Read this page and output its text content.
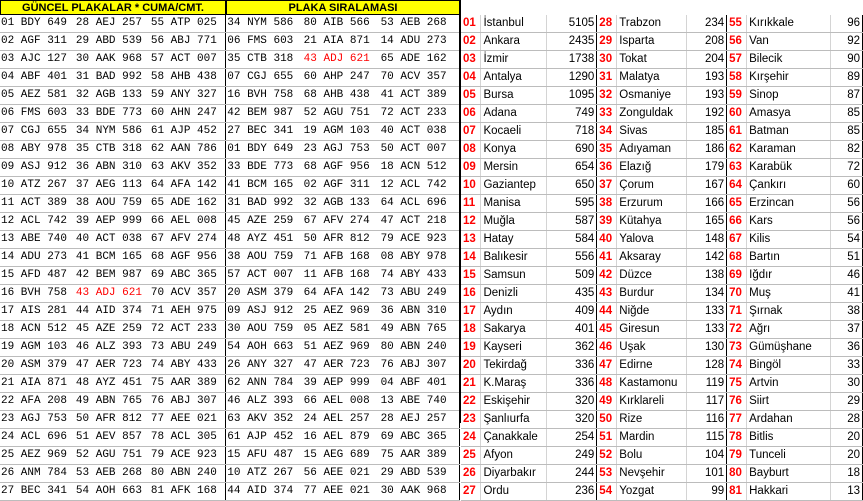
GÜNCEL PLAKALAR * CUMA/CMT.	PLAKA SIRALAMASI
01 BDY 649	28 AEJ 257	55 ATP 025	34 NYM 586	80 AIB 566	53 AEB 268
02 AGF 311	29 ABD 539	56 ABJ 771	06 FMS 603	21 AIA 871	14 ADU 273
03 AJC 127	30 AAK 968	57 ACT 007	35 CTB 318	43 ADJ 621	65 ADE 162
04 ABF 401	31 BAD 992	58 AHB 438	07 CGJ 655	60 AHP 247	70 ACV 357
05 AEZ 581	32 AGB 133	59 ANY 327	16 BVH 758	68 AHB 438	41 ACT 389
06 FMS 603	33 BDE 773	60 AHN 247	42 BEM 987	52 AGU 751	72 ACT 233
07 CGJ 655	34 NYM 586	61 AJP 452	27 BEC 341	19 AGM 103	40 ACT 038
08 ABY 978	35 CTB 318	62 AAN 786	01 BDY 649	23 AGJ 753	50 ACT 007
09 ASJ 912	36 ABN 310	63 AKV 352	33 BDE 773	68 AGF 956	18 ACN 512
10 ATZ 267	37 AEG 113	64 AFA 142	41 BCM 165	02 AGF 311	12 ACL 742
11 ACT 389	38 AOU 759	65 ADE 162	31 BAD 992	32 AGB 133	64 ACL 696
12 ACL 742	39 AEP 999	66 AEL 008	45 AZE 259	67 AFV 274	47 ACT 218
13 ABE 740	40 ACT 038	67 AFV 274	48 AYZ 451	50 AFR 812	79 ACE 923
14 ADU 273	41 BCM 165	68 AGF 956	38 AOU 759	71 AFB 168	08 ABY 978
15 AFD 487	42 BEM 987	69 ABC 365	57 ACT 007	11 AFB 168	74 ABY 433
16 BVH 758	43 ADJ 621	70 ACV 357	20 ASM 379	64 AFA 142	73 ABU 249
17 AIS 281	44 AID 374	71 AEH 975	09 ASJ 912	25 AEZ 969	36 ABN 310
18 ACN 512	45 AZE 259	72 ACT 233	30 AOU 759	05 AEZ 581	49 ABN 765
19 AGM 103	46 ALZ 393	73 ABU 249	54 AOH 663	51 AEZ 969	80 ABN 240
20 ASM 379	47 AER 723	74 ABY 433	26 ANY 327	47 AER 723	76 ABJ 307
21 AIA 871	48 AYZ 451	75 AAR 389	62 ANN 784	39 AEP 999	04 ABF 401
22 AFA 208	49 ABN 765	76 ABJ 307	46 ALZ 393	66 AEL 008	13 ABE 740
23 AGJ 753	50 AFR 812	77 AEE 021	63 AKV 352	24 AEL 257	28 AEJ 257
24 ACL 696	51 AEV 857	78 ACL 305	61 AJP 452	16 AEL 879	69 ABC 365
25 AEZ 969	52 AGU 751	79 ACE 923	15 AFU 487	15 AEG 689	75 AAR 389
26 ANM 784	53 AEB 268	80 ABN 240	10 ATZ 267	56 AEE 021	29 ABD 539
27 BEC 341	54 AOH 663	81 AFK 168	44 AID 374	77 AEE 021	30 AAK 968
01	İstanbul	5105	28	Trabzon	234	55	Kırıkkale	96
02	Ankara	2435	29	Isparta	208	56	Van	92
03	İzmir	1738	30	Tokat	204	57	Bilecik	90
04	Antalya	1290	31	Malatya	193	58	Kırşehir	89
05	Bursa	1095	32	Osmaniye	193	59	Sinop	87
06	Adana	749	33	Zonguldak	192	60	Amasya	85
07	Kocaeli	718	34	Sivas	185	61	Batman	85
08	Konya	690	35	Adıyaman	186	62	Karaman	82
09	Mersin	654	36	Elazığ	179	63	Karabük	72
10	Gaziantep	650	37	Çorum	167	64	Çankırı	60
11	Manisa	595	38	Erzurum	166	65	Erzincan	56
12	Muğla	587	39	Kütahya	165	66	Kars	56
13	Hatay	584	40	Yalova	148	67	Kilis	54
14	Balıkesir	556	41	Aksaray	142	68	Bartın	51
15	Samsun	509	42	Düzce	138	69	Iğdır	46
16	Denizli	435	43	Burdur	134	70	Muş	41
17	Aydın	409	44	Niğde	133	71	Şırnak	38
18	Sakarya	401	45	Giresun	133	72	Ağrı	37
19	Kayseri	362	46	Uşak	130	73	Gümüşhane	36
20	Tekirdağ	336	47	Edirne	128	74	Bingöl	33
21	K.Maraş	336	48	Kastamonu	119	75	Artvin	30
22	Eskişehir	320	49	Kırklareli	117	76	Siirt	29
23	Şanlıurfa	320	50	Rize	116	77	Ardahan	28
24	Çanakkale	254	51	Mardin	115	78	Bitlis	20
25	Afyon	249	52	Bolu	104	79	Tunceli	20
26	Diyarbakır	244	53	Nevşehir	101	80	Bayburt	18
27	Ordu	236	54	Yozgat	99	81	Hakkari	13
